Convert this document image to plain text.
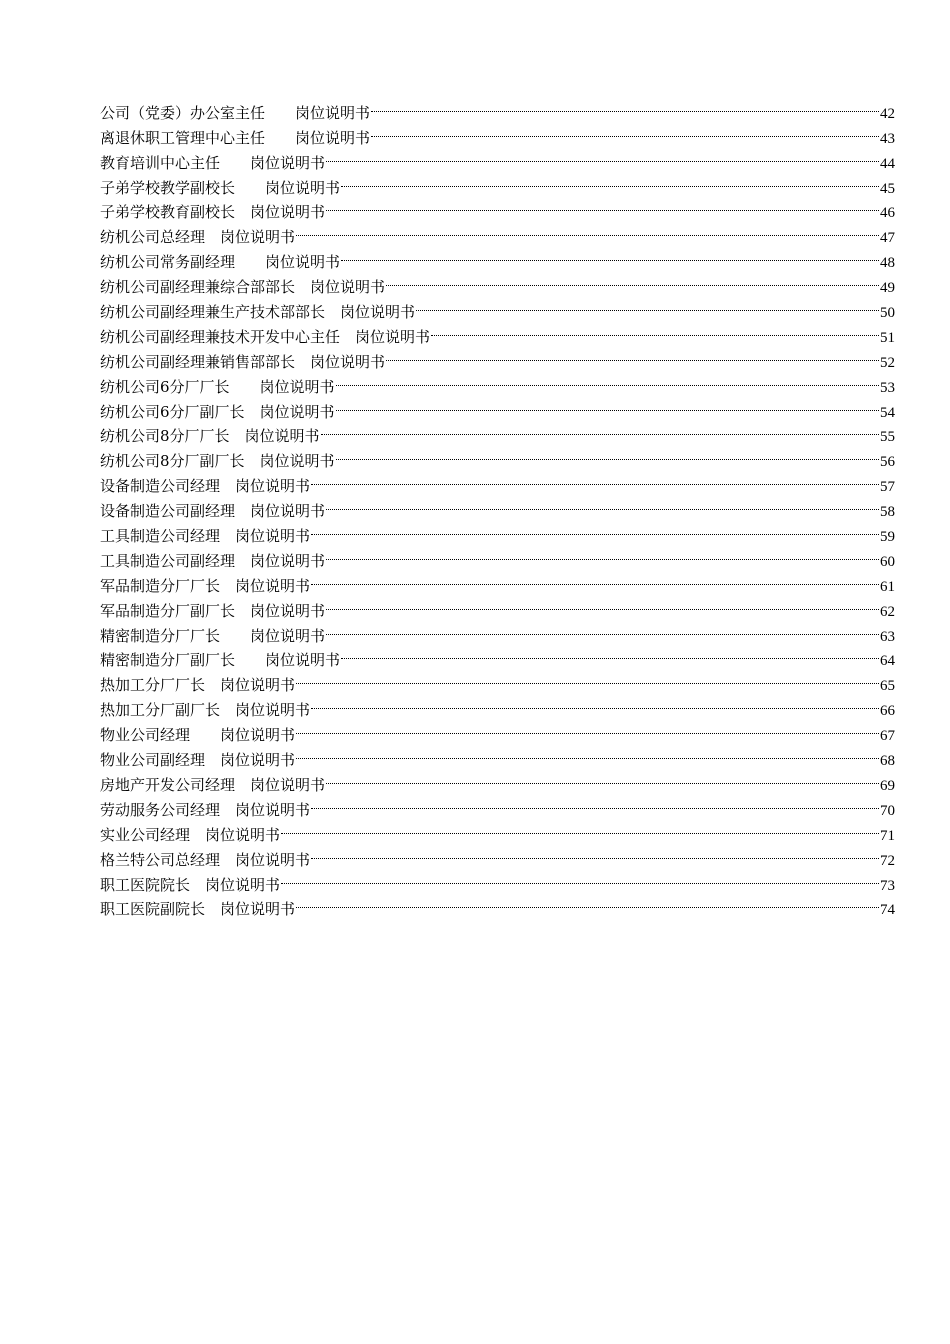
公司（党委）办公室主任　　岗位说明书	42
离退休职工管理中心主任　　岗位说明书	43
教育培训中心主任　　岗位说明书	44
子弟学校教学副校长　　岗位说明书	45
子弟学校教育副校长　岗位说明书	46
纺机公司总经理　岗位说明书	47
纺机公司常务副经理　　岗位说明书	48
纺机公司副经理兼综合部部长　岗位说明书	49
纺机公司副经理兼生产技术部部长　岗位说明书	50
纺机公司副经理兼技术开发中心主任　岗位说明书	51
纺机公司副经理兼销售部部长　岗位说明书	52
纺机公司6分厂厂长　　岗位说明书	53
纺机公司6分厂副厂长　岗位说明书	54
纺机公司8分厂厂长　岗位说明书	55
纺机公司8分厂副厂长　岗位说明书	56
设备制造公司经理　岗位说明书	57
设备制造公司副经理　岗位说明书	58
工具制造公司经理　岗位说明书	59
工具制造公司副经理　岗位说明书	60
军品制造分厂厂长　岗位说明书	61
军品制造分厂副厂长　岗位说明书	62
精密制造分厂厂长　　岗位说明书	63
精密制造分厂副厂长　　岗位说明书	64
热加工分厂厂长　岗位说明书	65
热加工分厂副厂长　岗位说明书	66
物业公司经理　　岗位说明书	67
物业公司副经理　岗位说明书	68
房地产开发公司经理　岗位说明书	69
劳动服务公司经理　岗位说明书	70
实业公司经理　岗位说明书	71
格兰特公司总经理　岗位说明书	72
职工医院院长　岗位说明书	73
职工医院副院长　岗位说明书	74
